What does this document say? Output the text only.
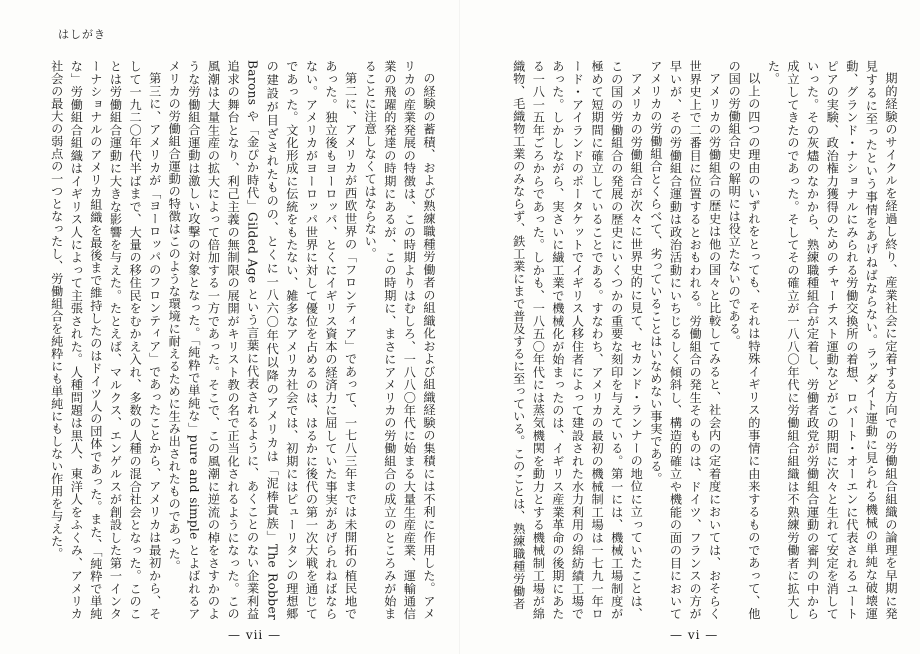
はしがき

の経験の蓄積、および熟練職種労働者の組織化および組織経験の集積には不利に作用した。アメリカの産業発展の特徴は、この時期よりはむしろ、一八八〇年代に始まる大量生産産業、運輸通信業の飛躍的発達の時期にあるが、この時期に、まさにアメリカの労働組合の成立のところみが始まることに注意しなくてはならない。

第二に、アメリカが西欧世界の「フロンティア」であって、一七八三年までは未開拓の植民地であった。独立後もヨーロッパ、とくにイギリス資本の経済力に屈していた事実があげられねばならない。アメリカがヨーロッパ世界に対して優位を占めるのは、はるかに後代の第一次大戦を通じてであった。文化形成に伝統をもたない、雑多なアメリカ社会では、初期にはピューリタンの理想郷の建設が目ざされたものの、とくに一八六〇年代以降のアメリカは「泥棒貴族」The Robber Barons や「金ぴか時代」Gilded Age という言葉に代表されるように、あくことのない企業利益追求の舞台となり、利己主義の無制限の展開がキリスト教の名で正当化されるようになった。この風潮は大量生産の拡大によって倍加する一方であった。そこで、この風潮に逆流の棹をさすかのような労働組合運動は激しい攻撃の対象となった。「純粋で単純な」pure and simple とよばれるアメリカの労働組合運動の特徴はこのような環境に耐えるために生み出されたものであった。

第三に、アメリカが「ヨーロッパのフロンティア」であったことから、アメリカは最初から、そして一九二〇年代半ばまで、大量の移住民をむかえ入れ、多数の人種の混合社会となった。このことは労働組合運動に大きな影響を与えた。たとえば、マルクス、エンゲルスが創設した第一インターナショナルのアメリカ組織を最後まで維持したのはドイツ人の団体であった。また、「純粋で単純な」労働組合組織はイギリス人によって主張された。人種問題は黒人、東洋人をふくみ、アメリカ社会の最大の弱点の一つとなったし、労働組合を純粋にも単純にもしない作用を与えた。

— vii —

期的経験のサイクルを経過し終り、産業社会に定着する方向での労働組合組織の論理を早期に発見するに至ったという事情をあげねばならない。ラッダイト運動に見られる機械の単純な破壊運動、グランド・ナショナルにみられる労働交換所の着想、ロバート・オーエンに代表されるユートピアの実験、政治権力獲得のためのチャーチスト運動などがこの期間に次々と生れて安定を消していった。その灰燼のなかから、熟練職種組合が定着し、労働者政党が労働組合運動の審判の中から成立してきたのであった。そしてその確立が一八八〇年代に労働組合組織は不熟練労働者に拡大した。

以上の四つの理由のいずれをとっても、それは特殊イギリス的事情に由来するものであって、他の国の労働組合史の解明には役立たないのである。

アメリカの労働組合の歴史は他の国々と比較してみると、社会内の定着度においては、おそらく世界史上で二番目に位置するとおもわれる。労働組合の発生そのものは、ドイツ、フランスの方が早いが、その労働組合運動は政治活動にいちじるしく傾斜し、構造的確立や機能の面の目においてアメリカの労働組合とくらべて、劣っていることはいなめない事実である。

アメリカの労働組合が次々に世界史的に見て、セカンド・ランナーの地位に立っていたことは、この国の労働組合の発展の歴史にいくつかの重要な刻印を与えている。第一には、機械工場制度が極めて短期間に確立していることである。すなわち、アメリカの最初の機械制工場は一七九一年ロード・アイランドのポータケットでイギリス人移住者によって建設された水力利用の綿紡績工場であった。しかしながら、実さいに繊工業で機械化が始まったのは、イギリス産業革命の後期にあたる一八一五年ごろからであった。しかも、一八五〇年代には蒸気機関を動力とする機械制工場が綿織物、毛織物工業のみならず、鉄工業にまで普及するに至っている。このことは、熟練職種労働者

— vi —
